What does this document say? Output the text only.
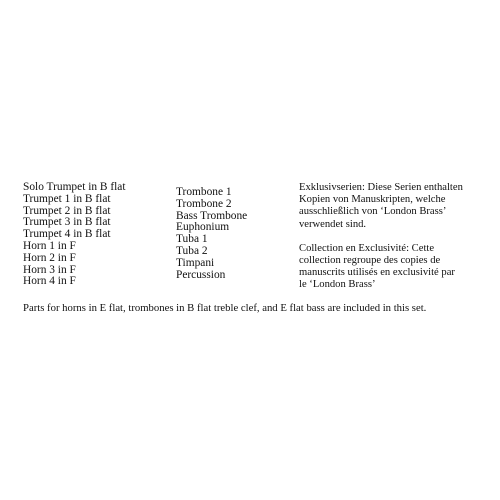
Solo Trumpet in B flat
Trumpet 1 in B flat
Trumpet 2 in B flat
Trumpet 3 in B flat
Trumpet 4 in B flat
Horn 1 in F
Horn 2 in F
Horn 3 in F
Horn 4 in F
Trombone 1
Trombone 2
Bass Trombone
Euphonium
Tuba 1
Tuba 2
Timpani
Percussion
Exklusivserien: Diese Serien enthalten
Kopien von Manuskripten, welche
ausschließlich von ‘London Brass’
verwendet sind.
Collection en Exclusivité: Cette
collection regroupe des copies de
manuscrits utilisés en exclusivité par
le ‘London Brass’
Parts for horns in E flat, trombones in B flat treble clef, and E flat bass are included in this set.
